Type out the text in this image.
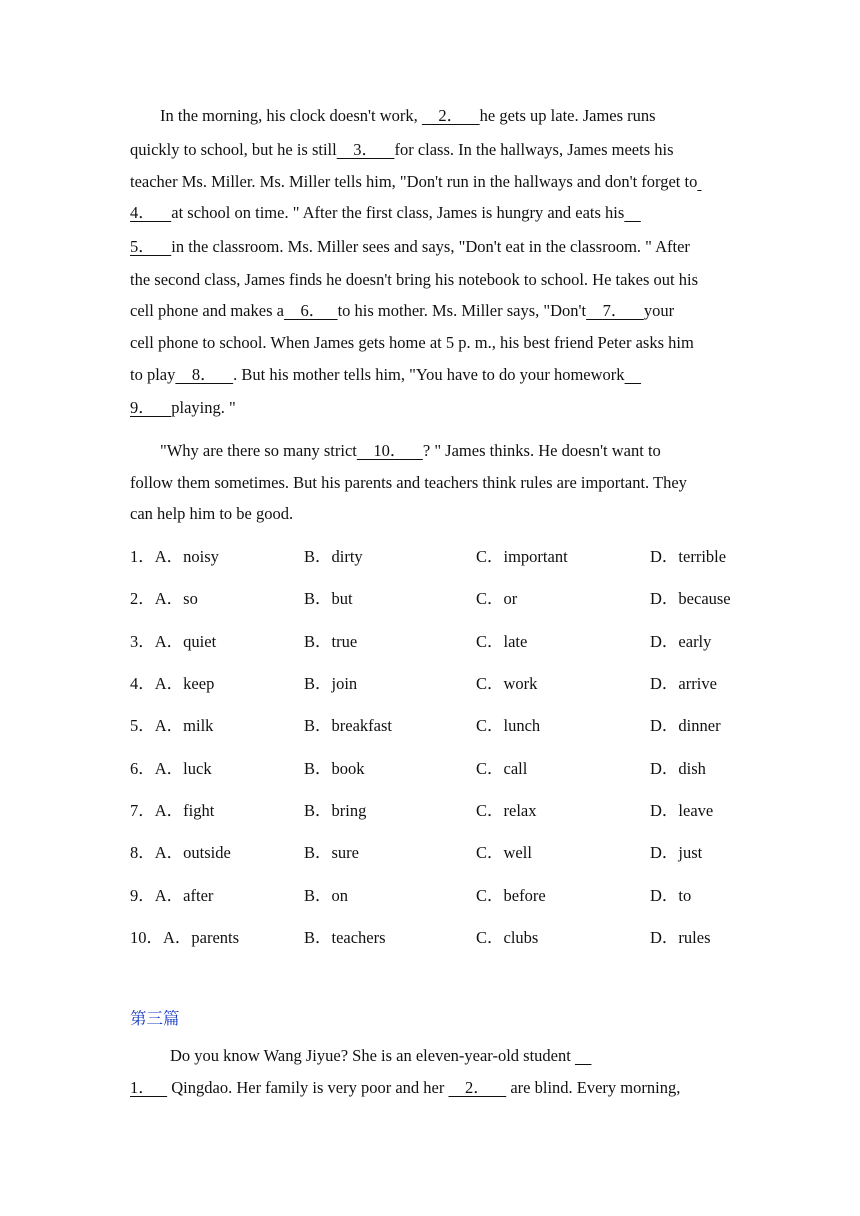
In the morning, his clock doesn't work,     2．    he gets up late. James runs
quickly to school, but he is still    3．    for class. In the hallways, James meets his
teacher Ms. Miller. Ms. Miller tells him, "Don't run in the hallways and don't forget to
4．    at school on time. " After the first class, James is hungry and eats his
5．    in the classroom. Ms. Miller sees and says, "Don't eat in the classroom. " After
the second class, James finds he doesn't bring his notebook to school. He takes out his
cell phone and makes a    6．   to his mother. Ms. Miller says, "Don't    7．    your
cell phone to school. When James gets home at 5 p. m., his best friend Peter asks him
to play    8．    . But his mother tells him, "You have to do your homework
9．    playing. "
"Why are there so many strict    10．    ? " James thinks. He doesn't want to
follow them sometimes. But his parents and teachers think rules are important. They
can help him to be good.
1．A．noisy	B．dirty	C．important	D．terrible
2．A．so	B．but	C．or	D．because
3．A．quiet	B．true	C．late	D．early
4．A．keep	B．join	C．work	D．arrive
5．A．milk	B．breakfast	C．lunch	D．dinner
6．A．luck	B．book	C．call	D．dish
7．A．fight	B．bring	C．relax	D．leave
8．A．outside	B．sure	C．well	D．just
9．A．after	B．on	C．before	D．to
10．A．parents	B．teachers	C．clubs	D．rules
第三篇
Do you know Wang Jiyue? She is an eleven-year-old student
1．    Qingdao. Her family is very poor and her     2．     are blind. Every morning,
